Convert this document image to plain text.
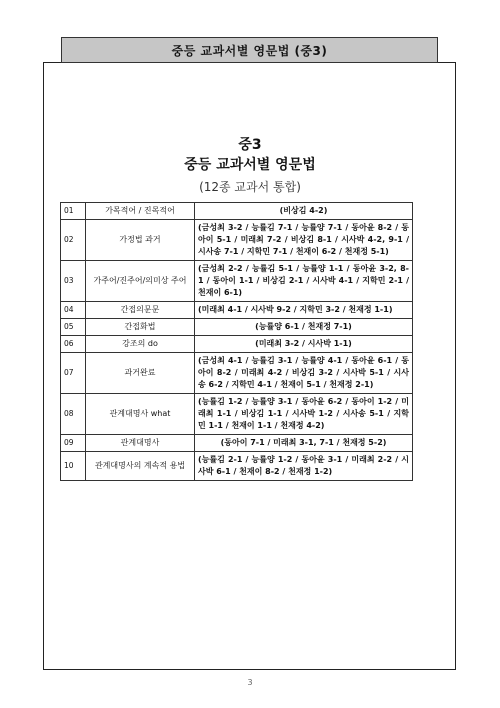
중등 교과서별 영문법 (중3)
중3
중등 교과서별 영문법
(12종 교과서 통합)
01	가목적어 / 진목적어	(비상김 4-2)
02	가정법 과거	(금성최 3-2 / 능률김 7-1 / 능률양 7-1 / 동아윤 8-2 / 동아이 5-1 / 미래최 7-2 / 비상김 8-1 / 시사박 4-2, 9-1 / 시사송 7-1 / 지학민 7-1 / 천재이 6-2 / 천재정 5-1)
03	가주어/진주어/의미상 주어	(금성최 2-2 / 능률김 5-1 / 능률양 1-1 / 동아윤 3-2, 8-1 / 동아이 1-1 / 비상김 2-1 / 시사박 4-1 / 지학민 2-1 / 천재이 6-1)
04	간접의문문	(미래최 4-1 / 시사박 9-2 / 지학민 3-2 / 천재정 1-1)
05	간접화법	(능률양 6-1 / 천재정 7-1)
06	강조의 do	(미래최 3-2 / 시사박 1-1)
07	과거완료	(금성최 4-1 / 능률김 3-1 / 능률양 4-1 / 동아윤 6-1 / 동아이 8-2 / 미래최 4-2 / 비상김 3-2 / 시사박 5-1 / 시사송 6-2 / 지학민 4-1 / 천재이 5-1 / 천재정 2-1)
08	관계대명사 what	(능률김 1-2 / 능률양 3-1 / 동아윤 6-2 / 동아이 1-2 / 미래최 1-1 / 비상김 1-1 / 시사박 1-2 / 시사송 5-1 / 지학민 1-1 / 천재이 1-1 / 천재정 4-2)
09	관계대명사	(동아이 7-1 / 미래최 3-1, 7-1 / 천재정 5-2)
10	관계대명사의 계속적 용법	(능률김 2-1 / 능률양 1-2 / 동아윤 3-1 / 미래최 2-2 / 시사박 6-1 / 천재이 8-2 / 천재정 1-2)
3
